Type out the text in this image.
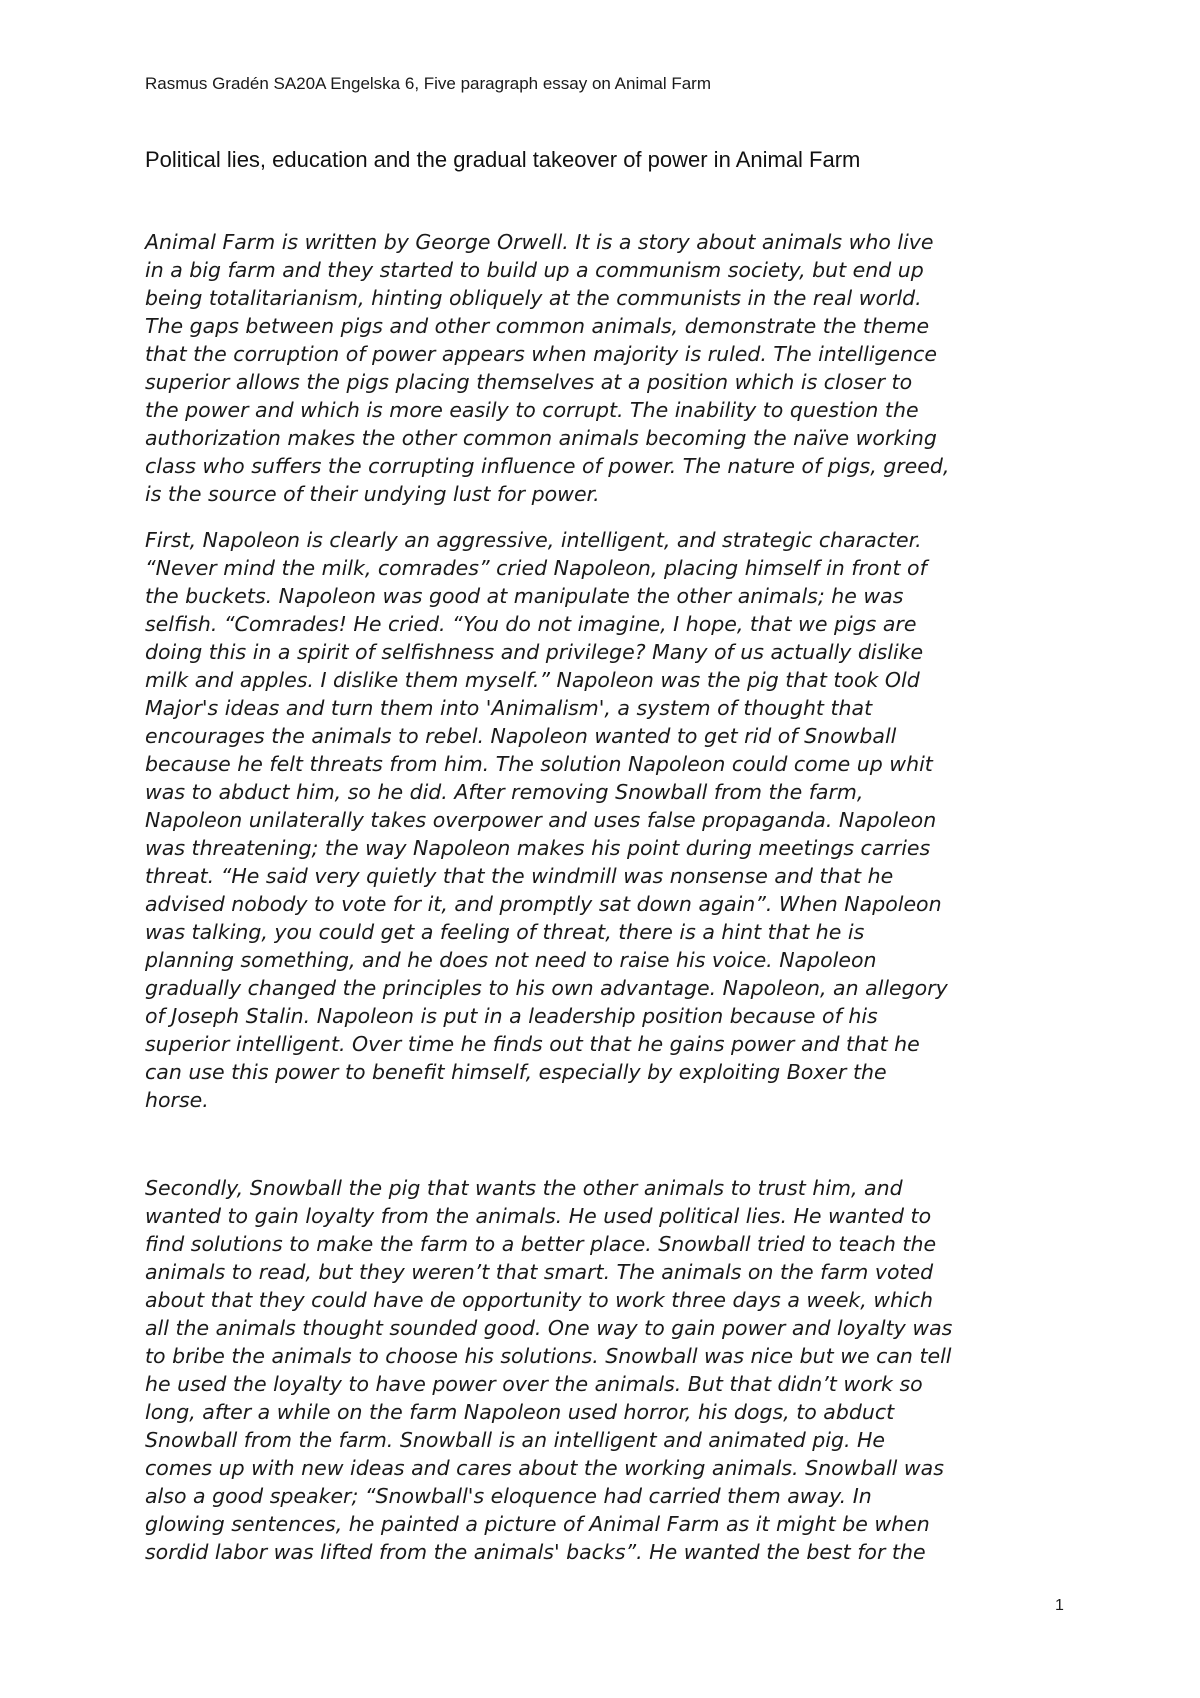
Rasmus Gradén SA20A Engelska 6, Five paragraph essay on Animal Farm
Political lies, education and the gradual takeover of power in Animal Farm
Animal Farm is written by George Orwell. It is a story about animals who live
in a big farm and they started to build up a communism society, but end up
being totalitarianism, hinting obliquely at the communists in the real world.
The gaps between pigs and other common animals, demonstrate the theme
that the corruption of power appears when majority is ruled. The intelligence
superior allows the pigs placing themselves at a position which is closer to
the power and which is more easily to corrupt. The inability to question the
authorization makes the other common animals becoming the naïve working
class who suffers the corrupting influence of power. The nature of pigs, greed,
is the source of their undying lust for power.
First, Napoleon is clearly an aggressive, intelligent, and strategic character.
“Never mind the milk, comrades” cried Napoleon, placing himself in front of
the buckets. Napoleon was good at manipulate the other animals; he was
selfish. “Comrades! He cried. “You do not imagine, I hope, that we pigs are
doing this in a spirit of selfishness and privilege? Many of us actually dislike
milk and apples. I dislike them myself.” Napoleon was the pig that took Old
Major's ideas and turn them into 'Animalism', a system of thought that
encourages the animals to rebel. Napoleon wanted to get rid of Snowball
because he felt threats from him. The solution Napoleon could come up whit
was to abduct him, so he did. After removing Snowball from the farm,
Napoleon unilaterally takes overpower and uses false propaganda. Napoleon
was threatening; the way Napoleon makes his point during meetings carries
threat. “He said very quietly that the windmill was nonsense and that he
advised nobody to vote for it, and promptly sat down again”. When Napoleon
was talking, you could get a feeling of threat, there is a hint that he is
planning something, and he does not need to raise his voice. Napoleon
gradually changed the principles to his own advantage. Napoleon, an allegory
of Joseph Stalin. Napoleon is put in a leadership position because of his
superior intelligent. Over time he finds out that he gains power and that he
can use this power to benefit himself, especially by exploiting Boxer the
horse.
Secondly, Snowball the pig that wants the other animals to trust him, and
wanted to gain loyalty from the animals. He used political lies. He wanted to
find solutions to make the farm to a better place. Snowball tried to teach the
animals to read, but they weren’t that smart. The animals on the farm voted
about that they could have de opportunity to work three days a week, which
all the animals thought sounded good. One way to gain power and loyalty was
to bribe the animals to choose his solutions. Snowball was nice but we can tell
he used the loyalty to have power over the animals. But that didn’t work so
long, after a while on the farm Napoleon used horror, his dogs, to abduct
Snowball from the farm. Snowball is an intelligent and animated pig. He
comes up with new ideas and cares about the working animals. Snowball was
also a good speaker; “Snowball's eloquence had carried them away. In
glowing sentences, he painted a picture of Animal Farm as it might be when
sordid labor was lifted from the animals' backs”. He wanted the best for the
1
